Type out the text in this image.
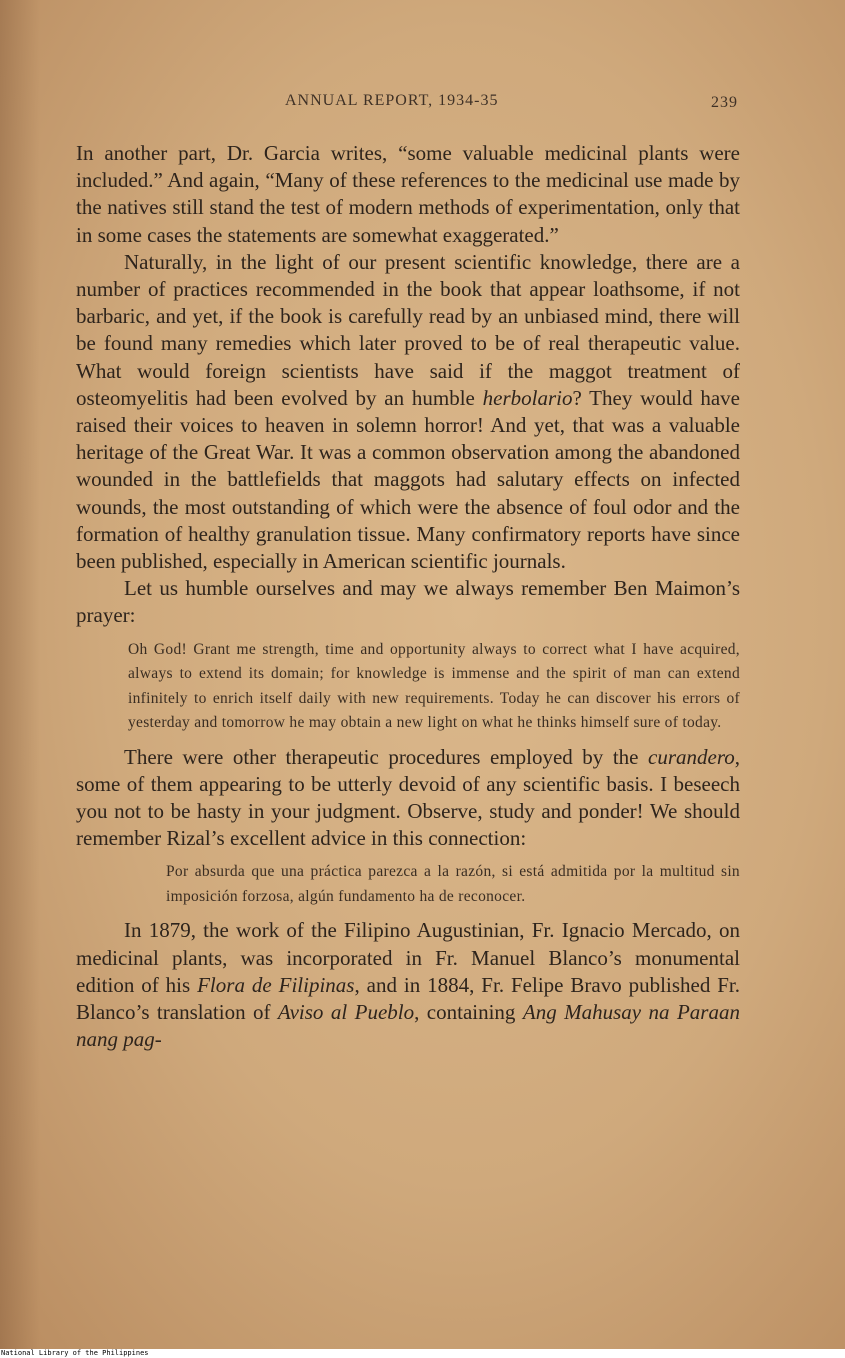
ANNUAL REPORT, 1934-35	239

In another part, Dr. Garcia writes, “some valuable medicinal plants were included.” And again, “Many of these references to the medicinal use made by the natives still stand the test of modern methods of experimentation, only that in some cases the statements are somewhat exaggerated.”

Naturally, in the light of our present scientific knowledge, there are a number of practices recommended in the book that appear loathsome, if not barbaric, and yet, if the book is carefully read by an unbiased mind, there will be found many remedies which later proved to be of real therapeutic value. What would foreign scientists have said if the maggot treatment of osteomyelitis had been evolved by an humble herbolario? They would have raised their voices to heaven in solemn horror! And yet, that was a valuable heritage of the Great War. It was a common observation among the abandoned wounded in the battlefields that maggots had salutary effects on infected wounds, the most outstanding of which were the absence of foul odor and the formation of healthy granulation tissue. Many confirmatory reports have since been published, especially in American scientific journals.

Let us humble ourselves and may we always remember Ben Maimon’s prayer:

Oh God! Grant me strength, time and opportunity always to correct what I have acquired, always to extend its domain; for knowledge is immense and the spirit of man can extend infinitely to enrich itself daily with new requirements. Today he can discover his errors of yesterday and tomorrow he may obtain a new light on what he thinks himself sure of today.

There were other therapeutic procedures employed by the curandero, some of them appearing to be utterly devoid of any scientific basis. I beseech you not to be hasty in your judgment. Observe, study and ponder! We should remember Rizal’s excellent advice in this connection:

Por absurda que una práctica parezca a la razón, si está admitida por la multitud sin imposición forzosa, algún fundamento ha de reconocer.

In 1879, the work of the Filipino Augustinian, Fr. Ignacio Mercado, on medicinal plants, was incorporated in Fr. Manuel Blanco’s monumental edition of his Flora de Filipinas, and in 1884, Fr. Felipe Bravo published Fr. Blanco’s translation of Aviso al Pueblo, containing Ang Mahusay na Paraan nang pag-

National Library of the Philippines
